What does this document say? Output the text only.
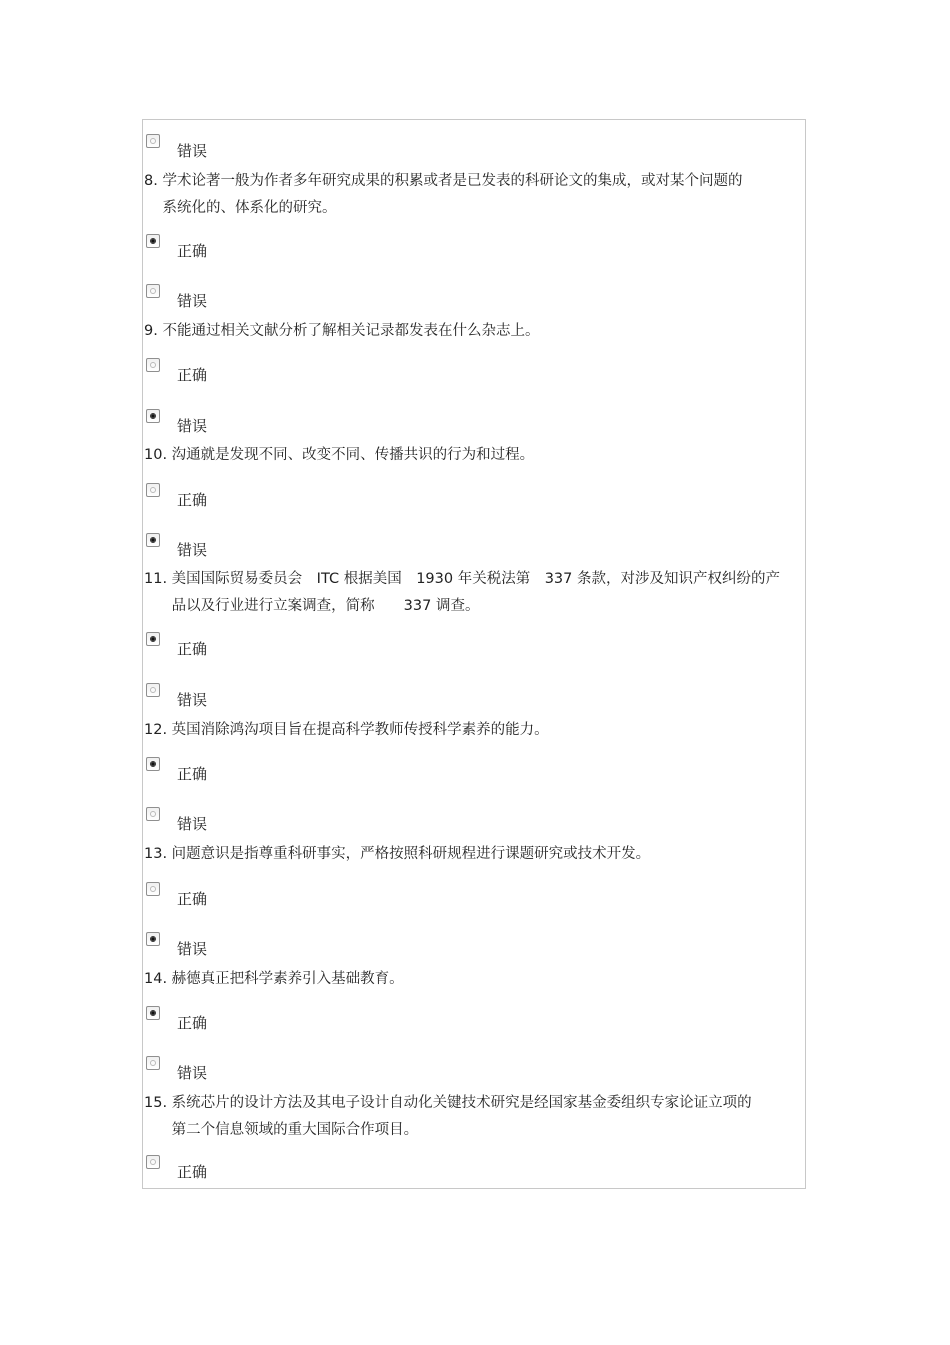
错误
8. 学术论著一般为作者多年研究成果的积累或者是已发表的科研论文的集成，或对某个问题的系统化的、体系化的研究。
正确
错误
9. 不能通过相关文献分析了解相关记录都发表在什么杂志上。
正确
错误
10. 沟通就是发现不同、改变不同、传播共识的行为和过程。
正确
错误
11. 美国国际贸易委员会　ITC 根据美国　1930 年关税法第　337 条款，对涉及知识产权纠纷的产品以及行业进行立案调查，简称　　337 调查。
正确
错误
12. 英国消除鸿沟项目旨在提高科学教师传授科学素养的能力。
正确
错误
13. 问题意识是指尊重科研事实，严格按照科研规程进行课题研究或技术开发。
正确
错误
14. 赫德真正把科学素养引入基础教育。
正确
错误
15. 系统芯片的设计方法及其电子设计自动化关键技术研究是经国家基金委组织专家论证立项的第二个信息领域的重大国际合作项目。
正确
